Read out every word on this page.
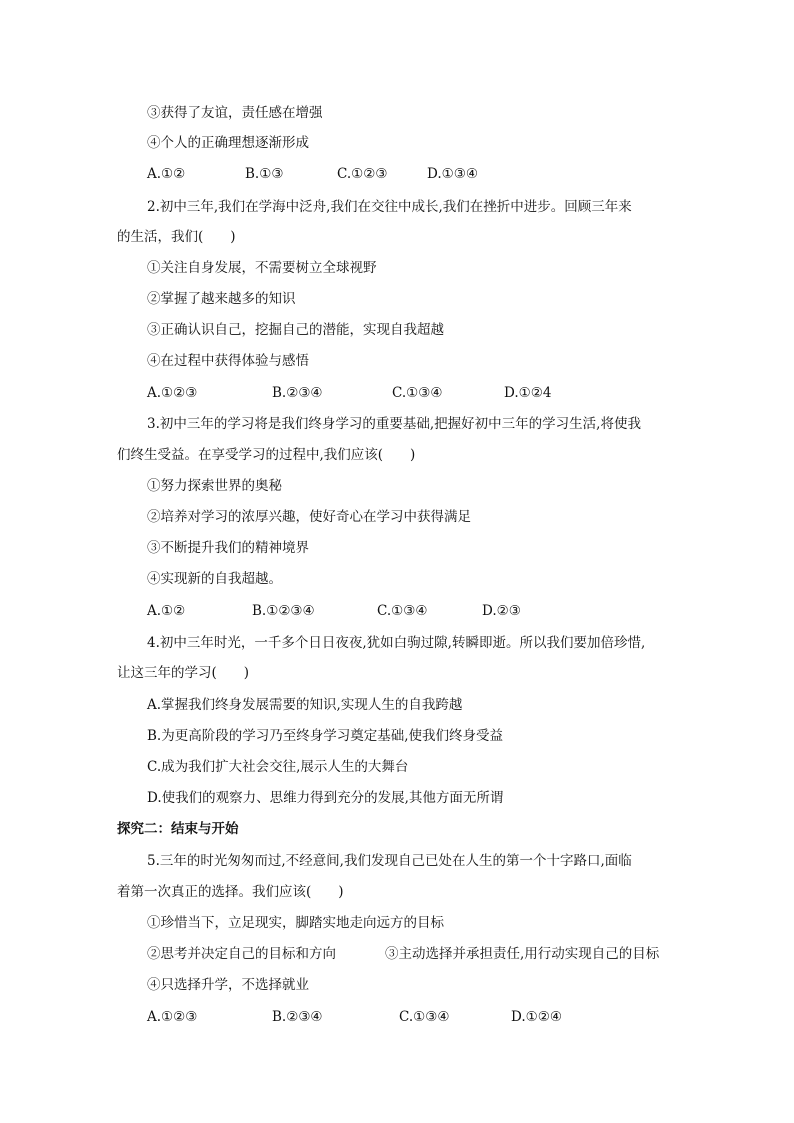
③获得了友谊，责任感在增强
④个人的正确理想逐渐形成
A.①②	B.①③	C.①②③	D.①③④
2.初中三年,我们在学海中泛舟,我们在交往中成长,我们在挫折中进步。回顾三年来
的生活，我们(　　)
①关注自身发展，不需要树立全球视野
②掌握了越来越多的知识
③正确认识自己，挖掘自己的潜能，实现自我超越
④在过程中获得体验与感悟
A.①②③	B.②③④	C.①③④	D.①②4
3.初中三年的学习将是我们终身学习的重要基础,把握好初中三年的学习生活,将使我
们终生受益。在享受学习的过程中,我们应该(　　)
①努力探索世界的奥秘
②培养对学习的浓厚兴趣，使好奇心在学习中获得满足
③不断提升我们的精神境界
④实现新的自我超越。
A.①②	B.①②③④	C.①③④	D.②③
4.初中三年时光，一千多个日日夜夜,犹如白驹过隙,转瞬即逝。所以我们要加倍珍惜,
让这三年的学习(　　)
A.掌握我们终身发展需要的知识,实现人生的自我跨越
B.为更高阶段的学习乃至终身学习奠定基础,使我们终身受益
C.成为我们扩大社会交往,展示人生的大舞台
D.使我们的观察力、思维力得到充分的发展,其他方面无所谓
探究二：结束与开始
5.三年的时光匆匆而过,不经意间,我们发现自己已处在人生的第一个十字路口,面临
着第一次真正的选择。我们应该(　　)
①珍惜当下，立足现实，脚踏实地走向远方的目标
②思考并决定自己的目标和方向	③主动选择并承担责任,用行动实现自己的目标
④只选择升学，不选择就业
A.①②③	B.②③④	C.①③④	D.①②④
